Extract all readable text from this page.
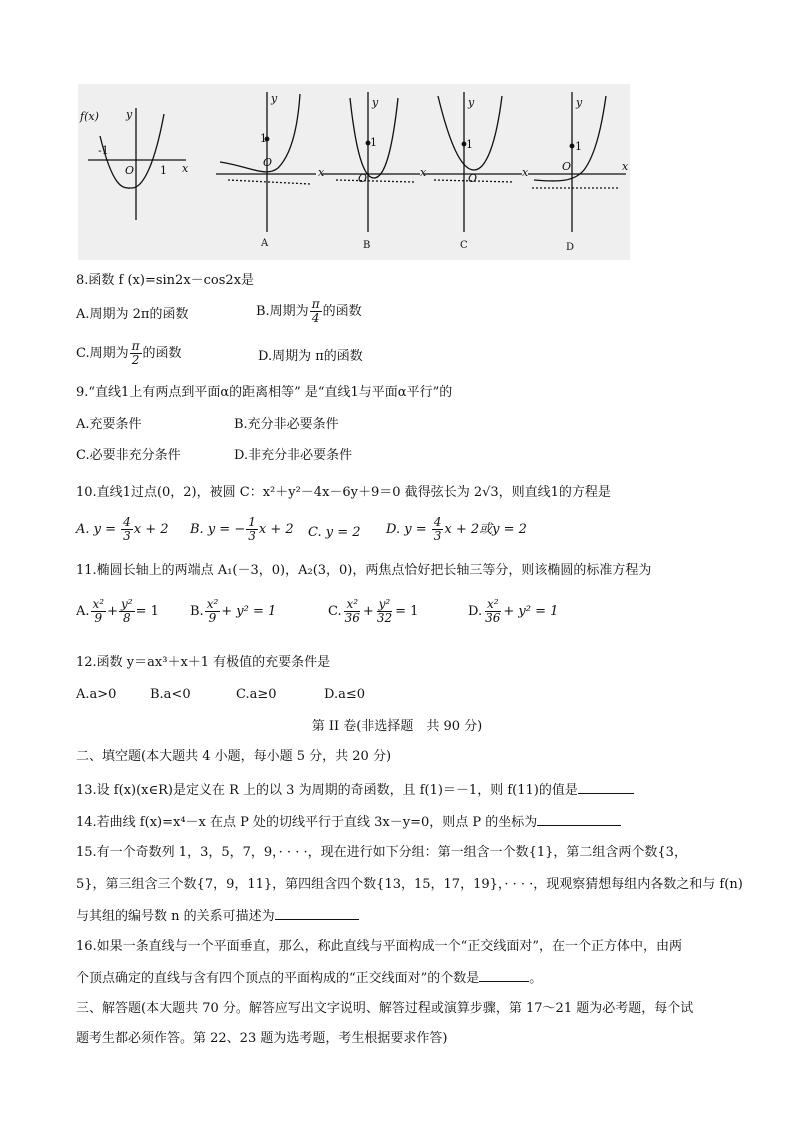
f(x) y
-1
O 1 x
y
1
O
x
A
y
1
O	x
B
y
1
O	x
C
y
1
O	x
D
8.函数 f (x)=sin2x－cos2x是
A.周期为 2π的函数	B.周期为 $\frac{\pi}{4}$ 的函数
C.周期为 $\frac{\pi}{2}$ 的函数	D.周期为 π的函数
9.“直线1上有两点到平面α的距离相等” 是“直线1与平面α平行”的
A.充要条件	B.充分非必要条件
C.必要非充分条件	D.非充分非必要条件
10.直线1过点(0，2)，被圆 C：x²＋y²－4x－6y＋9＝0 截得弦长为 2√3，则直线1的方程是
A. $y = \frac{4}{3}$ x + 2 B. y = − $\frac{1}{3}$ x + 2 C. y = 2 D. $y = \frac{4}{3}$ x + 2或y = 2
11.椭圆长轴上的两端点 A₁(－3，0)，A₂(3，0)，两焦点恰好把长轴三等分，则该椭圆的标准方程为
A. $\frac{\text{x²}}{9} + \frac{\text{y²}}{8} = 1$ B. $\frac{\text{x²}}{9} + y^2 = 1$	C. $\frac{\text{x²}}{36} + \frac{\text{y²}}{32} = 1$	D. $\frac{\text{x²}}{36} + y^2 = 1$
12.函数 y＝ax³＋x＋1 有极值的充要条件是
A.a>0	B.a<0	C.a≥0	D.a≤0
第 II 卷(非选择题　共 90 分)
二、填空题(本大题共 4 小题，每小题 5 分，共 20 分)
13.设 f(x)(x∈R)是定义在 R 上的以 3 为周期的奇函数，且 f(1)＝－1，则 f(11)的值是
14.若曲线 f(x)=x⁴－x 在点 P 处的切线平行于直线 3x－y=0，则点 P 的坐标为
15.有一个奇数列 1，3，5，7，9，· · · ·，现在进行如下分组：第一组含一个数{1}，第二组含两个数{3，
5}，第三组含三个数{7，9，11}，第四组含四个数{13，15，17，19}，· · · ·，现观察猜想每组内各数之和与 f(n)
与其组的编号数 n 的关系可描述为
16.如果一条直线与一个平面垂直，那么，称此直线与平面构成一个“正交线面对”，在一个正方体中，由两
个顶点确定的直线与含有四个顶点的平面构成的“正交线面对”的个数是	。
三、解答题(本大题共 70 分。解答应写出文字说明、解答过程或演算步骤，第 17～21 题为必考题，每个试
题考生都必须作答。第 22、23 题为选考题，考生根据要求作答)
